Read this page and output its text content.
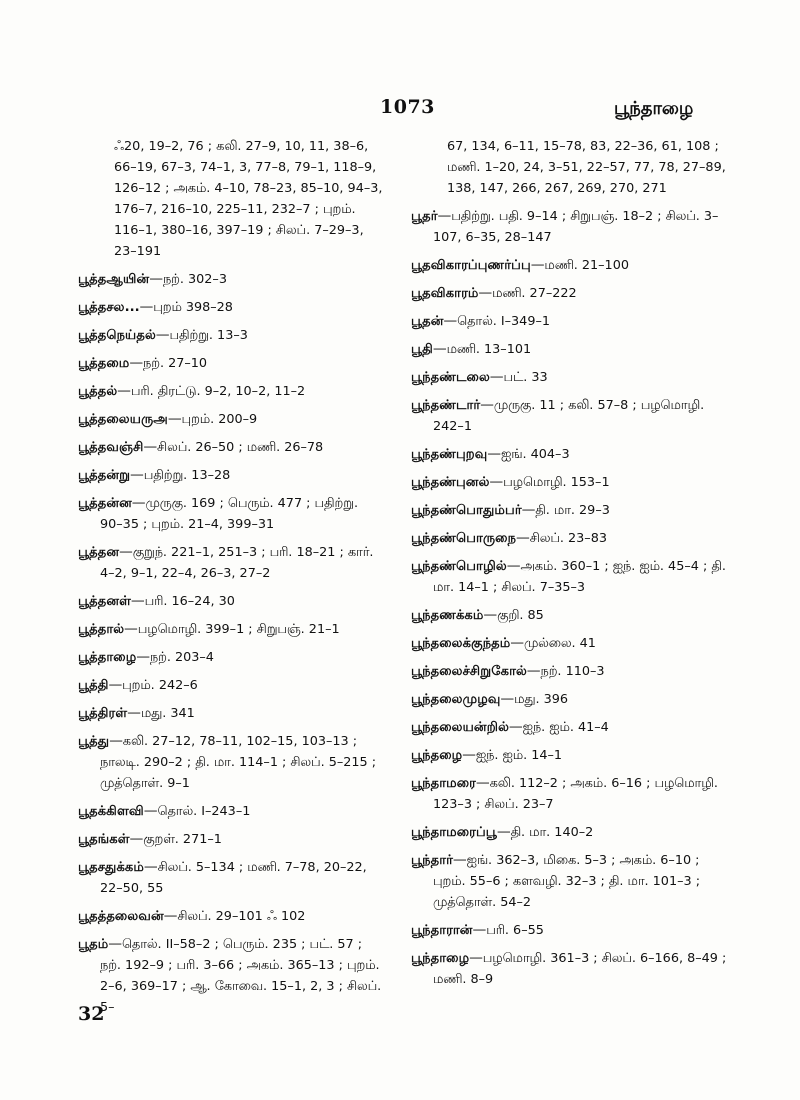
1073	பூந்தாழை
ஃ20, 19–2, 76 ; கலி. 27–9, 10, 11, 38–6, 66–19, 67–3, 74–1, 3, 77–8, 79–1, 118–9, 126–12 ; அகம். 4–10, 78–23, 85–10, 94–3, 176–7, 216–10, 225–11, 232–7 ; புறம். 116–1, 380–16, 397–19 ; சிலப். 7–29–3, 23–191
பூத்தஆயின்—நற். 302–3
பூத்தசல...—புறம் 398–28
பூத்தநெய்தல்—பதிற்று. 13–3
பூத்தமை—நற். 27–10
பூத்தல்—பரி. திரட்டு. 9–2, 10–2, 11–2
பூத்தலையருஅ—புறம். 200–9
பூத்தவஞ்சி—சிலப். 26–50 ; மணி. 26–78
பூத்தன்று—பதிற்று. 13–28
பூத்தன்ன—முருகு. 169 ; பெரும். 477 ; பதிற்று. 90–35 ; புறம். 21–4, 399–31
பூத்தன—குறுந். 221–1, 251–3 ; பரி. 18–21 ; கார். 4–2, 9–1, 22–4, 26–3, 27–2
பூத்தனள்—பரி. 16–24, 30
பூத்தால்—பழமொழி. 399–1 ; சிறுபஞ். 21–1
பூத்தாழை—நற். 203–4
பூத்தி—புறம். 242–6
பூத்திரள்—மது. 341
பூத்து—கலி. 27–12, 78–11, 102–15, 103–13 ; நாலடி. 290–2 ; தி. மா. 114–1 ; சிலப். 5–215 ; முத்தொள். 9–1
பூதக்கிளவி—தொல். I–243–1
பூதங்கள்—குறள். 271–1
பூதசதுக்கம்—சிலப். 5–134 ; மணி. 7–78, 20–22, 22–50, 55
பூதத்தலைவன்—சிலப். 29–101 ஃ 102
பூதம்—தொல். II–58–2 ; பெரும். 235 ; பட். 57 ; நற். 192–9 ; பரி. 3–66 ; அகம். 365–13 ; புறம். 2–6, 369–17 ; ஆ. கோவை. 15–1, 2, 3 ; சிலப். 5–
67, 134, 6–11, 15–78, 83, 22–36, 61, 108 ; மணி. 1–20, 24, 3–51, 22–57, 77, 78, 27–89, 138, 147, 266, 267, 269, 270, 271
பூதர்—பதிற்று. பதி. 9–14 ; சிறுபஞ். 18–2 ; சிலப். 3–107, 6–35, 28–147
பூதவிகாரப்புணர்ப்பு—மணி. 21–100
பூதவிகாரம்—மணி. 27–222
பூதன்—தொல். I–349–1
பூதி—மணி. 13–101
பூந்தண்டலை—பட். 33
பூந்தண்டார்—முருகு. 11 ; கலி. 57–8 ; பழமொழி. 242–1
பூந்தண்புறவு—ஐங். 404–3
பூந்தண்புனல்—பழமொழி. 153–1
பூந்தண்பொதும்பர்—தி. மா. 29–3
பூந்தண்பொருநை—சிலப். 23–83
பூந்தண்பொழில்—அகம். 360–1 ; ஐந். ஐம். 45–4 ; தி. மா. 14–1 ; சிலப். 7–35–3
பூந்தணக்கம்—குறி. 85
பூந்தலைக்குந்தம்—முல்லை. 41
பூந்தலைச்சிறுகோல்—நற். 110–3
பூந்தலைமுழவு—மது. 396
பூந்தலையன்றில்—ஐந். ஐம். 41–4
பூந்தழை—ஐந். ஐம். 14–1
பூந்தாமரை—கலி. 112–2 ; அகம். 6–16 ; பழமொழி. 123–3 ; சிலப். 23–7
பூந்தாமரைப்பூ—தி. மா. 140–2
பூந்தார்—ஐங். 362–3, மிகை. 5–3 ; அகம். 6–10 ; புறம். 55–6 ; களவழி. 32–3 ; தி. மா. 101–3 ; முத்தொள். 54–2
பூந்தாரான்—பரி. 6–55
பூந்தாழை—பழமொழி. 361–3 ; சிலப். 6–166, 8–49 ; மணி. 8–9
32
